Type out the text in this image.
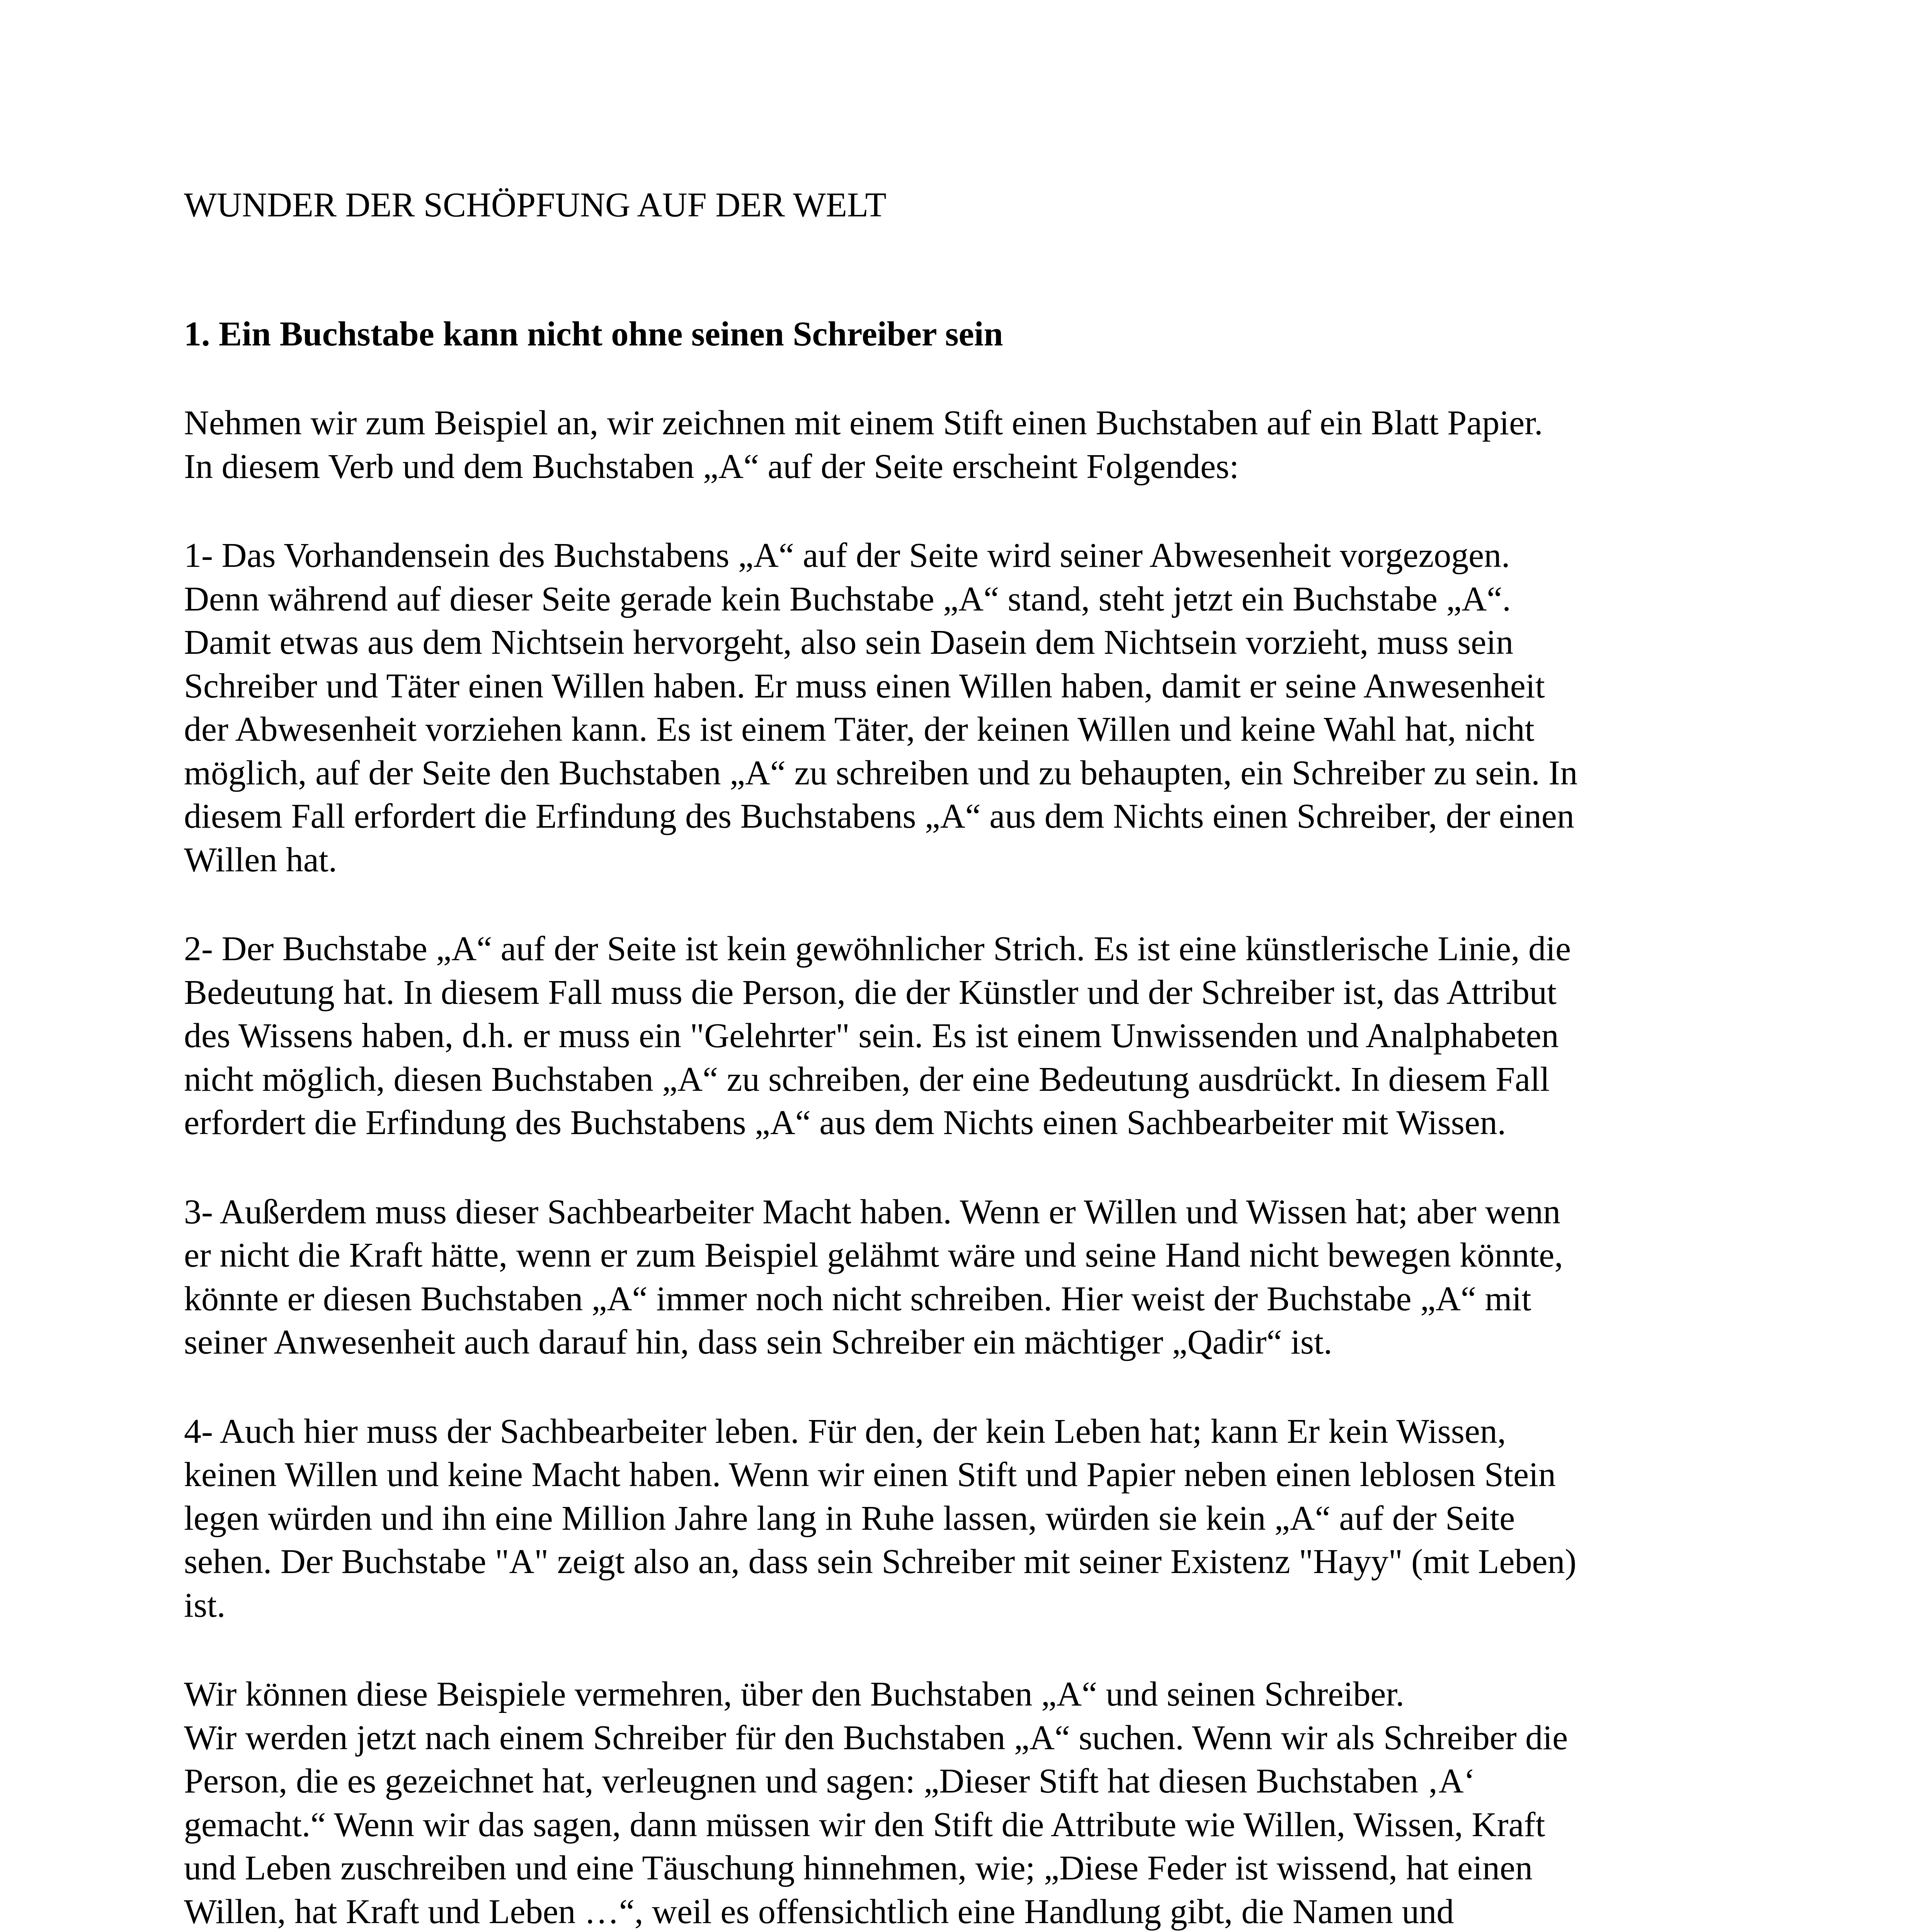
WUNDER DER SCHÖPFUNG AUF DER WELT
1. Ein Buchstabe kann nicht ohne seinen Schreiber sein
Nehmen wir zum Beispiel an, wir zeichnen mit einem Stift einen Buchstaben auf ein Blatt Papier.
In diesem Verb und dem Buchstaben „A“ auf der Seite erscheint Folgendes:
1- Das Vorhandensein des Buchstabens „A“ auf der Seite wird seiner Abwesenheit vorgezogen.
Denn während auf dieser Seite gerade kein Buchstabe „A“ stand, steht jetzt ein Buchstabe „A“.
Damit etwas aus dem Nichtsein hervorgeht, also sein Dasein dem Nichtsein vorzieht, muss sein
Schreiber und Täter einen Willen haben. Er muss einen Willen haben, damit er seine Anwesenheit
der Abwesenheit vorziehen kann. Es ist einem Täter, der keinen Willen und keine Wahl hat, nicht
möglich, auf der Seite den Buchstaben „A“ zu schreiben und zu behaupten, ein Schreiber zu sein. In
diesem Fall erfordert die Erfindung des Buchstabens „A“ aus dem Nichts einen Schreiber, der einen
Willen hat.
2- Der Buchstabe „A“ auf der Seite ist kein gewöhnlicher Strich. Es ist eine künstlerische Linie, die
Bedeutung hat. In diesem Fall muss die Person, die der Künstler und der Schreiber ist, das Attribut
des Wissens haben, d.h. er muss ein "Gelehrter" sein. Es ist einem Unwissenden und Analphabeten
nicht möglich, diesen Buchstaben „A“ zu schreiben, der eine Bedeutung ausdrückt. In diesem Fall
erfordert die Erfindung des Buchstabens „A“ aus dem Nichts einen Sachbearbeiter mit Wissen.
3- Außerdem muss dieser Sachbearbeiter Macht haben. Wenn er Willen und Wissen hat; aber wenn
er nicht die Kraft hätte, wenn er zum Beispiel gelähmt wäre und seine Hand nicht bewegen könnte,
könnte er diesen Buchstaben „A“ immer noch nicht schreiben. Hier weist der Buchstabe „A“ mit
seiner Anwesenheit auch darauf hin, dass sein Schreiber ein mächtiger „Qadir“ ist.
4- Auch hier muss der Sachbearbeiter leben. Für den, der kein Leben hat; kann Er kein Wissen,
keinen Willen und keine Macht haben. Wenn wir einen Stift und Papier neben einen leblosen Stein
legen würden und ihn eine Million Jahre lang in Ruhe lassen, würden sie kein „A“ auf der Seite
sehen. Der Buchstabe "A" zeigt also an, dass sein Schreiber mit seiner Existenz "Hayy" (mit Leben)
ist.
Wir können diese Beispiele vermehren, über den Buchstaben „A“ und seinen Schreiber.
Wir werden jetzt nach einem Schreiber für den Buchstaben „A“ suchen. Wenn wir als Schreiber die
Person, die es gezeichnet hat, verleugnen und sagen: „Dieser Stift hat diesen Buchstaben ‚A‘
gemacht.“ Wenn wir das sagen, dann müssen wir den Stift die Attribute wie Willen, Wissen, Kraft
und Leben zuschreiben und eine Täuschung hinnehmen, wie; „Diese Feder ist wissend, hat einen
Willen, hat Kraft und Leben …“, weil es offensichtlich eine Handlung gibt, die Namen und
